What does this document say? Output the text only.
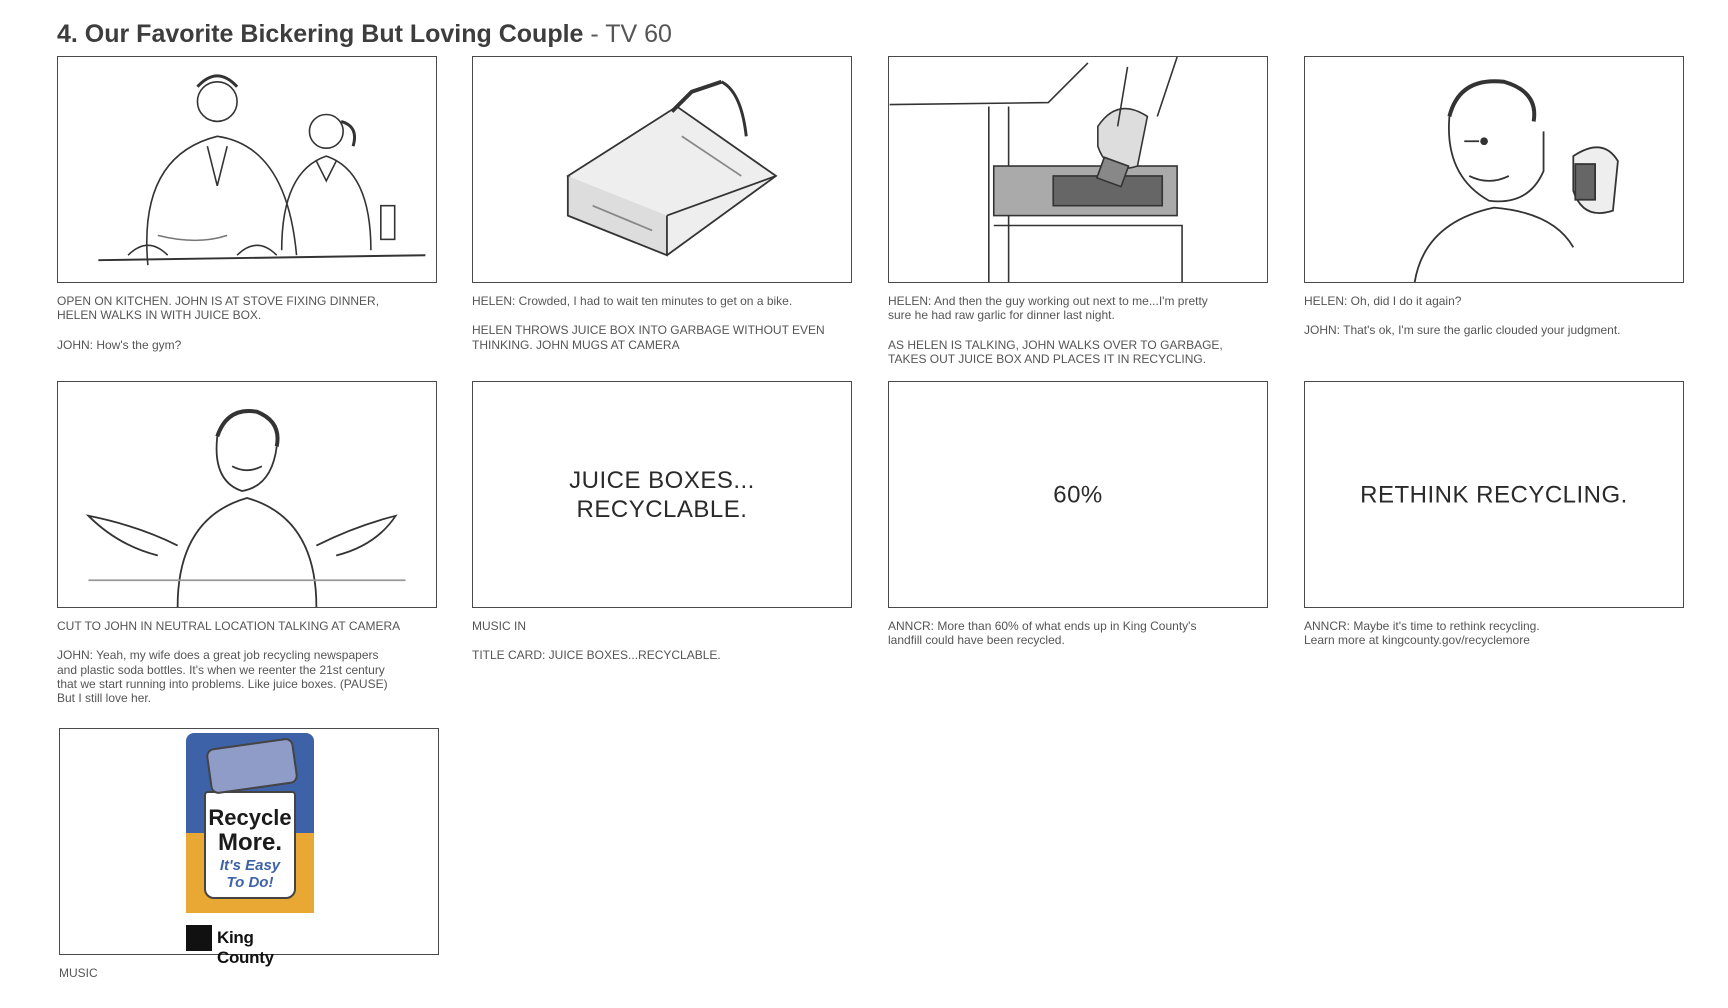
4. Our Favorite Bickering But Loving Couple - TV 60

OPEN ON KITCHEN. JOHN IS AT STOVE FIXING DINNER,
HELEN WALKS IN WITH JUICE BOX.

JOHN: How's the gym?

HELEN: Crowded, I had to wait ten minutes to get on a bike.

HELEN THROWS JUICE BOX INTO GARBAGE WITHOUT EVEN
THINKING. JOHN MUGS AT CAMERA

HELEN: And then the guy working out next to me...I'm pretty
sure he had raw garlic for dinner last night.

AS HELEN IS TALKING, JOHN WALKS OVER TO GARBAGE,
TAKES OUT JUICE BOX AND PLACES IT IN RECYCLING.

HELEN: Oh, did I do it again?

JOHN: That's ok, I'm sure the garlic clouded your judgment.

JUICE BOXES...
RECYCLABLE.
60%	RETHINK RECYCLING.

CUT TO JOHN IN NEUTRAL LOCATION TALKING AT CAMERA

JOHN: Yeah, my wife does a great job recycling newspapers
and plastic soda bottles. It's when we reenter the 21st century
that we start running into problems. Like juice boxes. (PAUSE)
But I still love her.

MUSIC IN

TITLE CARD: JUICE BOXES...RECYCLABLE.

ANNCR: More than 60% of what ends up in King County's
landfill could have been recycled.

ANNCR: Maybe it's time to rethink recycling.
Learn more at kingcounty.gov/recyclemore

Recycle
More.
It's Easy
To Do!
King County

MUSIC
